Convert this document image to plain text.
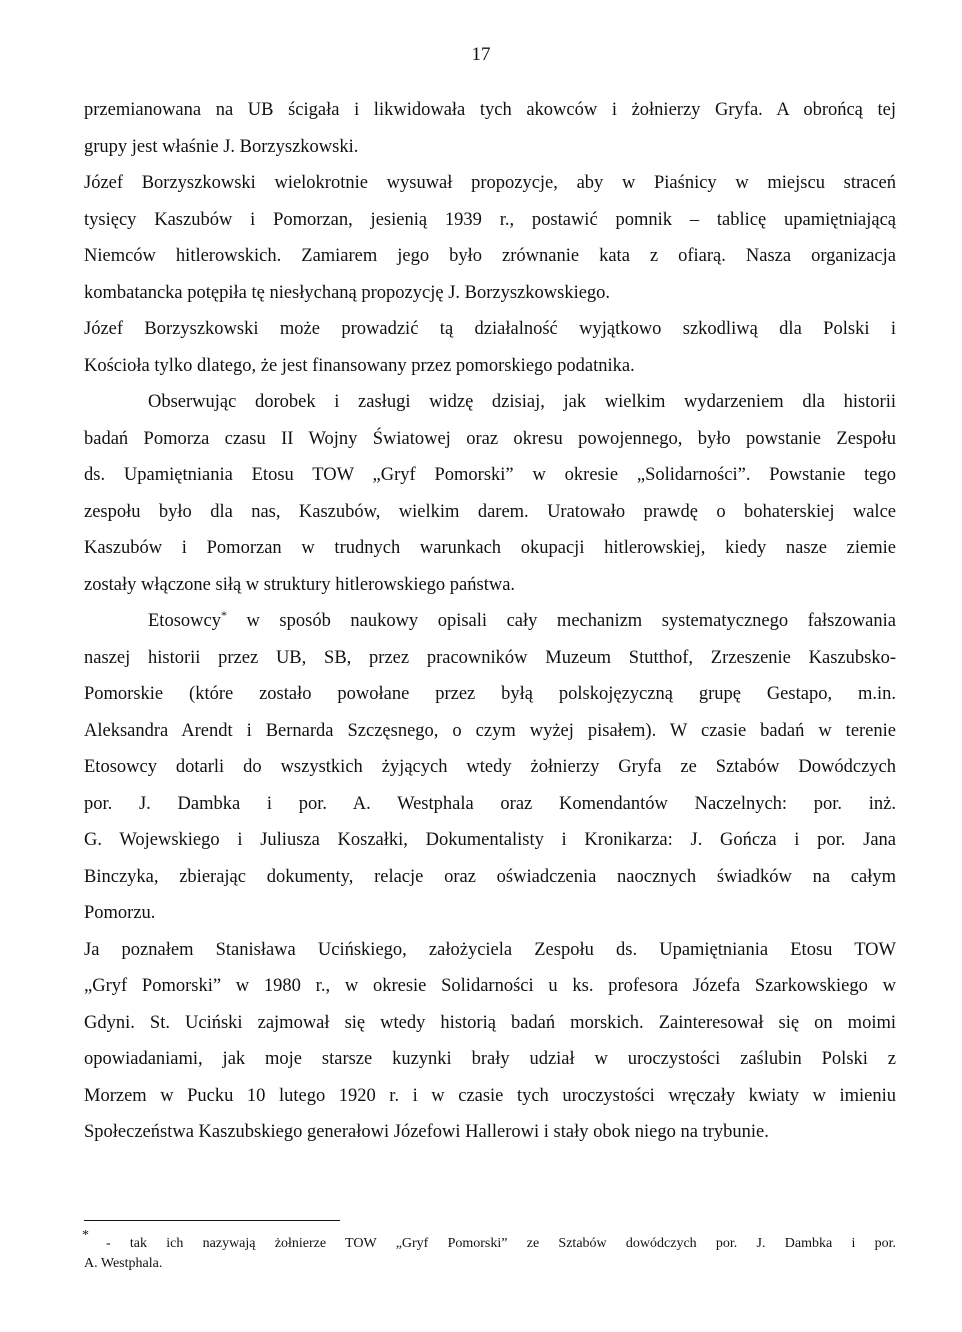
17
przemianowana na UB ścigała i likwidowała tych akowców i żołnierzy Gryfa. A obrońcą tej
grupy jest właśnie J. Borzyszkowski.
Józef Borzyszkowski wielokrotnie wysuwał propozycje, aby w Piaśnicy w miejscu straceń
tysięcy Kaszubów i Pomorzan, jesienią 1939 r., postawić pomnik – tablicę upamiętniającą
Niemców hitlerowskich. Zamiarem jego było zrównanie kata z ofiarą. Nasza organizacja
kombatancka potępiła tę niesłychaną propozycję J. Borzyszkowskiego.
Józef Borzyszkowski może prowadzić tą działalność wyjątkowo szkodliwą dla Polski i
Kościoła tylko dlatego, że jest finansowany przez pomorskiego podatnika.
Obserwując dorobek i zasługi widzę dzisiaj, jak wielkim wydarzeniem dla historii
badań Pomorza czasu II Wojny Światowej oraz okresu powojennego, było powstanie Zespołu
ds. Upamiętniania Etosu TOW „Gryf Pomorski” w okresie „Solidarności”. Powstanie tego
zespołu było dla nas, Kaszubów, wielkim darem. Uratowało prawdę o bohaterskiej walce
Kaszubów i Pomorzan w trudnych warunkach okupacji hitlerowskiej, kiedy nasze ziemie
zostały włączone siłą w struktury hitlerowskiego państwa.
Etosowcy* w sposób naukowy opisali cały mechanizm systematycznego fałszowania
naszej historii przez UB, SB, przez pracowników Muzeum Stutthof, Zrzeszenie Kaszubsko-
Pomorskie (które zostało powołane przez byłą polskojęzyczną grupę Gestapo, m.in.
Aleksandra Arendt i Bernarda Szczęsnego, o czym wyżej pisałem). W czasie badań w terenie
Etosowcy dotarli do wszystkich żyjących wtedy żołnierzy Gryfa ze Sztabów Dowódczych
por. J. Dambka i por. A. Westphala oraz Komendantów Naczelnych: por. inż.
G. Wojewskiego i Juliusza Koszałki, Dokumentalisty i Kronikarza: J. Gończa i por. Jana
Binczyka, zbierając dokumenty, relacje oraz oświadczenia naocznych świadków na całym
Pomorzu.
Ja poznałem Stanisława Ucińskiego, założyciela Zespołu ds. Upamiętniania Etosu TOW
„Gryf Pomorski” w 1980 r., w okresie Solidarności u ks. profesora Józefa Szarkowskiego w
Gdyni. St. Uciński zajmował się wtedy historią badań morskich. Zainteresował się on moimi
opowiadaniami, jak moje starsze kuzynki brały udział w uroczystości zaślubin Polski z
Morzem w Pucku 10 lutego 1920 r. i w czasie tych uroczystości wręczały kwiaty w imieniu
Społeczeństwa Kaszubskiego generałowi Józefowi Hallerowi i stały obok niego na trybunie.
*
- tak ich nazywają żołnierze TOW „Gryf Pomorski” ze Sztabów dowódczych por. J. Dambka i por.
A. Westphala.
